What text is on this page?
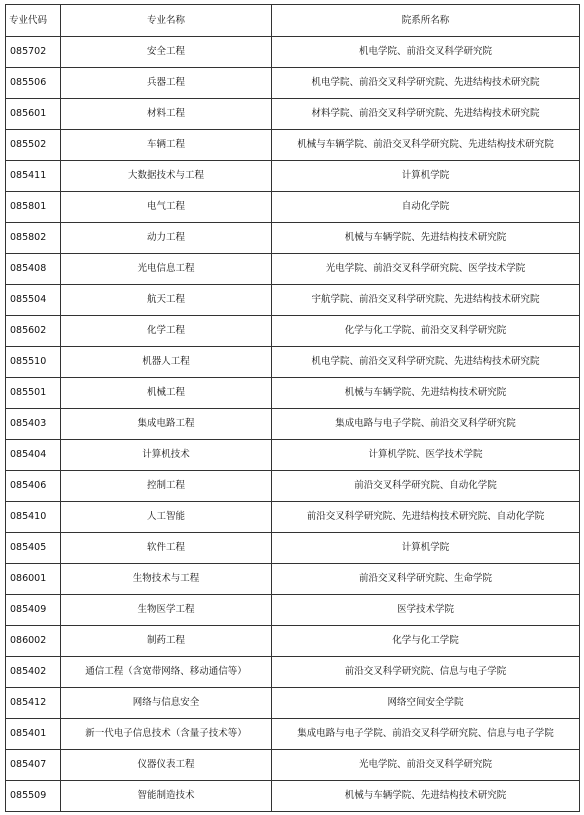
专业代码	专业名称	院系所名称
085702	安全工程	机电学院、前沿交叉科学研究院
085506	兵器工程	机电学院、前沿交叉科学研究院、先进结构技术研究院
085601	材料工程	材料学院、前沿交叉科学研究院、先进结构技术研究院
085502	车辆工程	机械与车辆学院、前沿交叉科学研究院、先进结构技术研究院
085411	大数据技术与工程	计算机学院
085801	电气工程	自动化学院
085802	动力工程	机械与车辆学院、先进结构技术研究院
085408	光电信息工程	光电学院、前沿交叉科学研究院、医学技术学院
085504	航天工程	宇航学院、前沿交叉科学研究院、先进结构技术研究院
085602	化学工程	化学与化工学院、前沿交叉科学研究院
085510	机器人工程	机电学院、前沿交叉科学研究院、先进结构技术研究院
085501	机械工程	机械与车辆学院、先进结构技术研究院
085403	集成电路工程	集成电路与电子学院、前沿交叉科学研究院
085404	计算机技术	计算机学院、医学技术学院
085406	控制工程	前沿交叉科学研究院、自动化学院
085410	人工智能	前沿交叉科学研究院、先进结构技术研究院、自动化学院
085405	软件工程	计算机学院
086001	生物技术与工程	前沿交叉科学研究院、生命学院
085409	生物医学工程	医学技术学院
086002	制药工程	化学与化工学院
085402	通信工程（含宽带网络、移动通信等）	前沿交叉科学研究院、信息与电子学院
085412	网络与信息安全	网络空间安全学院
085401	新一代电子信息技术（含量子技术等）	集成电路与电子学院、前沿交叉科学研究院、信息与电子学院
085407	仪器仪表工程	光电学院、前沿交叉科学研究院
085509	智能制造技术	机械与车辆学院、先进结构技术研究院
